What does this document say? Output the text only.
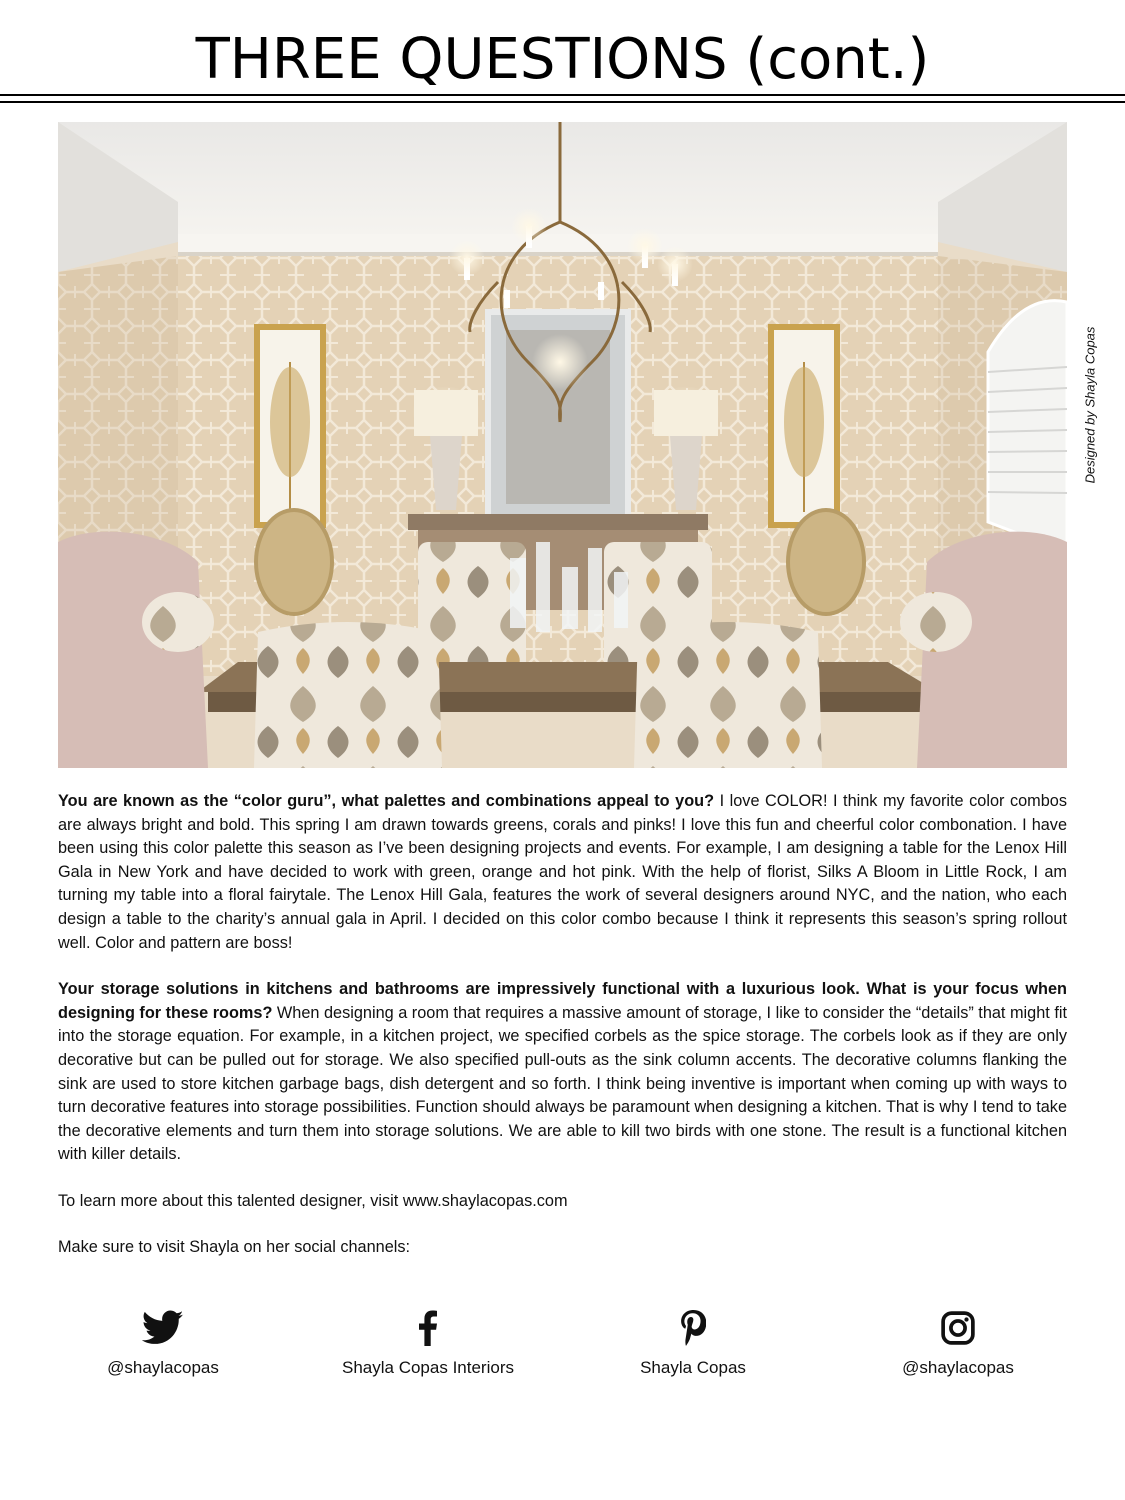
THREE QUESTIONS (cont.)
Designed by Shayla Copas

You are known as the “color guru”, what palettes and combinations appeal to you? I love COLOR! I think my favorite color combos are always bright and bold. This spring I am drawn towards greens, corals and pinks! I love this fun and cheerful color combonation. I have been using this color palette this season as I’ve been designing projects and events. For example, I am designing a table for the Lenox Hill Gala in New York and have decided to work with green, orange and hot pink. With the help of florist, Silks A Bloom in Little Rock, I am turning my table into a floral fairytale. The Lenox Hill Gala, features the work of several designers around NYC, and the nation, who each design a table to the charity’s annual gala in April. I decided on this color combo because I think it represents this season’s spring rollout well. Color and pattern are boss!

Your storage solutions in kitchens and bathrooms are impressively functional with a luxurious look. What is your focus when designing for these rooms? When designing a room that requires a massive amount of storage, I like to consider the “details” that might fit into the storage equation. For example, in a kitchen project, we specified corbels as the spice storage. The corbels look as if they are only decorative but can be pulled out for storage. We also specified pull-outs as the sink column accents. The decorative columns flanking the sink are used to store kitchen garbage bags, dish detergent and so forth. I think being inventive is important when coming up with ways to turn decorative features into storage possibilities. Function should always be paramount when designing a kitchen. That is why I tend to take the decorative elements and turn them into storage solutions. We are able to kill two birds with one stone. The result is a functional kitchen with killer details.

To learn more about this talented designer, visit www.shaylacopas.com

Make sure to visit Shayla on her social channels:

@shaylacopas	Shayla Copas Interiors	Shayla Copas	@shaylacopas
